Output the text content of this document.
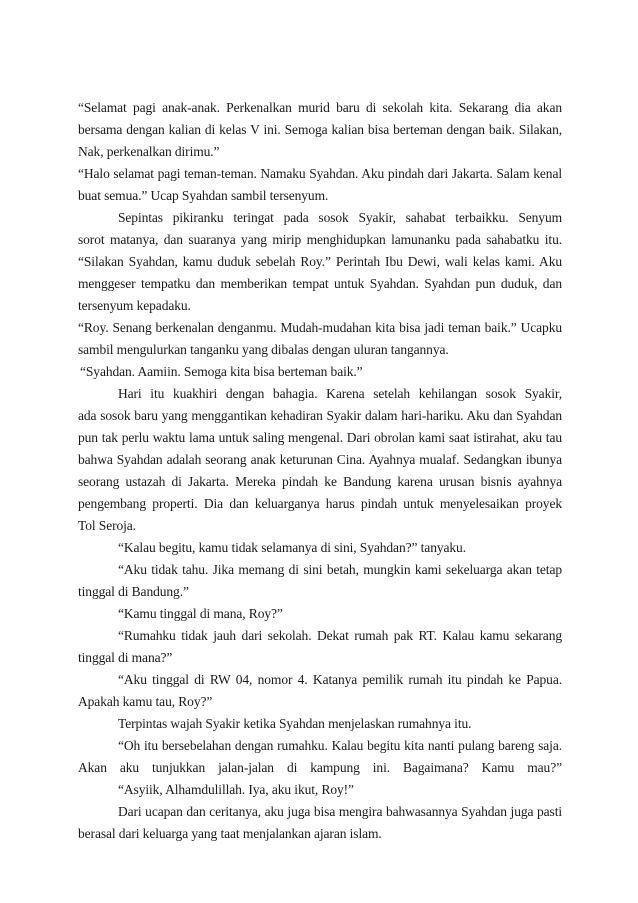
“Selamat pagi anak-anak. Perkenalkan murid baru di sekolah kita. Sekarang dia akan
bersama dengan kalian di kelas V ini. Semoga kalian bisa berteman dengan baik. Silakan,
Nak, perkenalkan dirimu.”
“Halo selamat pagi teman-teman. Namaku Syahdan. Aku pindah dari Jakarta. Salam kenal
buat semua.” Ucap Syahdan sambil tersenyum.
Sepintas pikiranku teringat pada sosok Syakir, sahabat terbaikku. Senyum
sorot matanya, dan suaranya yang mirip menghidupkan lamunanku pada sahabatku itu.
“Silakan Syahdan, kamu duduk sebelah Roy.” Perintah Ibu Dewi, wali kelas kami. Aku
menggeser tempatku dan memberikan tempat untuk Syahdan. Syahdan pun duduk, dan
tersenyum kepadaku.
“Roy. Senang berkenalan denganmu. Mudah-mudahan kita bisa jadi teman baik.” Ucapku
sambil mengulurkan tanganku yang dibalas dengan uluran tangannya.
“Syahdan. Aamiin. Semoga kita bisa berteman baik.”
Hari itu kuakhiri dengan bahagia. Karena setelah kehilangan sosok Syakir,
ada sosok baru yang menggantikan kehadiran Syakir dalam hari-hariku. Aku dan Syahdan
pun tak perlu waktu lama untuk saling mengenal. Dari obrolan kami saat istirahat, aku tau
bahwa Syahdan adalah seorang anak keturunan Cina. Ayahnya mualaf. Sedangkan ibunya
seorang ustazah di Jakarta. Mereka pindah ke Bandung karena urusan bisnis ayahnya
pengembang properti. Dia dan keluarganya harus pindah untuk menyelesaikan proyek
Tol Seroja.
“Kalau begitu, kamu tidak selamanya di sini, Syahdan?” tanyaku.
“Aku tidak tahu. Jika memang di sini betah, mungkin kami sekeluarga akan tetap
tinggal di Bandung.”
“Kamu tinggal di mana, Roy?”
“Rumahku tidak jauh dari sekolah. Dekat rumah pak RT. Kalau kamu sekarang
tinggal di mana?”
“Aku tinggal di RW 04, nomor 4. Katanya pemilik rumah itu pindah ke Papua.
Apakah kamu tau, Roy?”
Terpintas wajah Syakir ketika Syahdan menjelaskan rumahnya itu.
“Oh itu bersebelahan dengan rumahku. Kalau begitu kita nanti pulang bareng saja.
Akan aku tunjukkan jalan-jalan di kampung ini. Bagaimana? Kamu mau?”
“Asyiik, Alhamdulillah. Iya, aku ikut, Roy!”
Dari ucapan dan ceritanya, aku juga bisa mengira bahwasannya Syahdan juga pasti
berasal dari keluarga yang taat menjalankan ajaran islam.
